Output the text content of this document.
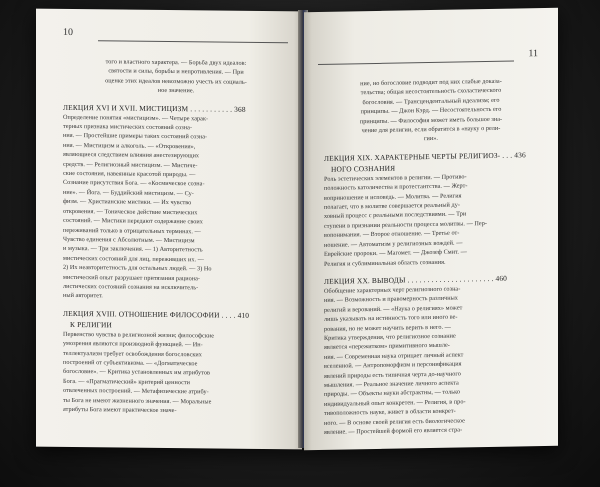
10
того и властного характера. — Борьба двух идеалов:
святости и силы, борьбы и непротивления. — При
оценке этих идеалов невозможно учесть их социаль-
ное значение.
ЛЕКЦИЯ XVI И XVII. МИСТИЦИЗМ . . . . . . . . . . . 368
Определение понятия «мистицизм». — Четыре харак-
терных признака мистических состояний созна-
ния. — Простейшие примеры таких состояний созна-
ния. — Мистицизм и алкоголь. — «Откровения»,
являющиеся следствием влияния анестезирующих
средств. — Религиозный мистицизм. — Мистиче-
ские состояния, навеянные красотой природы. —
Сознание присутствия Бога. — «Космическое созна-
ние». — Йога. — Буддийский мистицизм. — Су-
физм. — Христианские мистики. — Их чувство
откровения. — Тоническое действие мистических
состояний. — Мистики передают содержание своих
переживаний только в отрицательных терминах. —
Чувство единения с Абсолютным. — Мистицизм
и музыка. — Три заключения. — 1) Авторитетность
мистических состояний для лиц, переживших их. —
2) Их неавторитетность для остальных людей. — 3) Но
мистический опыт разрушает притязания рациона-
листических состояний сознания на исключитель-
ный авторитет.
ЛЕКЦИЯ XVIII. ОТНОШЕНИЕ ФИЛОСОФИИ . . . . 410
К РЕЛИГИИ
Первенство чувства в религиозной жизни; философские
умозрения являются производной функцией. — Ин-
теллектуализм требует освобождения богословских
построений от субъективизма. — «Догматическое
богословие». — Критика установленных им атрибутов
Бога. — «Прагматический» критерий ценности
отвлеченных построений. — Метафизические атрибу-
ты Бога не имеют жизненного значения. — Моральные
атрибуты Бога имеют практическое значе-
11
ние, но богословие подводит под них слабые доказа-
тельства; общая несостоятельность схоластического
богословия. — Трансцендентальный идеализм; его
принципы. — Джон Кэрд. — Несостоятельность его
принципы. — Философия может иметь большое зна-
чение для религии, если обратится в «науку о рели-
гии».
ЛЕКЦИЯ XIX. ХАРАКТЕРНЫЕ ЧЕРТЫ РЕЛИГИОЗ- . . . 436
НОГО СОЗНАНИЯ
Роль эстетических элементов в религии. — Противо-
положность католичества и протестантства. — Жерт-
воприношение и исповедь. — Молитва. — Религия
полагает, что в молитве совершается реальный ду-
ховный процесс с реальными последствиями. — Три
ступени в признании реальности процесса молитвы. — Пер-
вопонимания. — Второе отношение. — Третье от-
ношение. — Автоматизм у религиозных вождей. —
Еврейские пророки. — Магомет. — Джозеф Смит. —
Религия и сублиминальная область сознания.
ЛЕКЦИЯ XX. ВЫВОДЫ . . . . . . . . . . . . . . . . . . . . . . 460
Обобщение характерных черт религиозного созна-
ния. — Возможность и правомерность различных
религий и верований. — «Наука о религиях» может
лишь указывать на истинность того или иного ве-
рования, но не может научить верить в него. —
Критика утверждения, что религиозное сознание
является «пережитком» примитивного мышле-
ния. — Современная наука отрицает личный аспект
вселенной. — Антропоморфизм и персонификация
явлений природы есть типичная черта до-научного
мышления. — Реальное значение личного аспекта
природы. — Объекты науки абстрактны, — только
индивидуальный опыт конкретен. — Религия, в про-
тивоположность науке, живет в области конкрет-
ного. — В основе своей религия есть биологическое
явление. — Простейшей формой его является стра-
